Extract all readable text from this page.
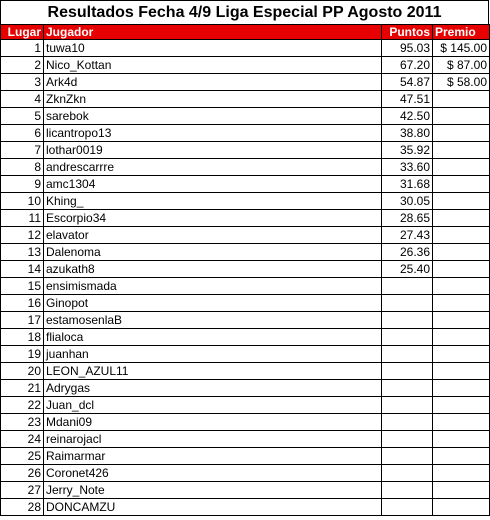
Resultados Fecha 4/9 Liga Especial PP Agosto 2011
Lugar	Jugador	Puntos	Premio
1	tuwa10	95.03	$ 145.00
2	Nico_Kottan	67.20	$ 87.00
3	Ark4d	54.87	$ 58.00
4	ZknZkn	47.51	
5	sarebok	42.50	
6	licantropo13	38.80	
7	lothar0019	35.92	
8	andrescarrre	33.60	
9	amc1304	31.68	
10	Khing_	30.05	
11	Escorpio34	28.65	
12	elavator	27.43	
13	Dalenoma	26.36	
14	azukath8	25.40	
15	ensimismada		
16	Ginopot		
17	estamosenlaB		
18	flialoca		
19	juanhan		
20	LEON_AZUL11		
21	Adrygas		
22	Juan_dcl		
23	Mdani09		
24	reinarojacl		
25	Raimarmar		
26	Coronet426		
27	Jerry_Note		
28	DONCAMZU		
